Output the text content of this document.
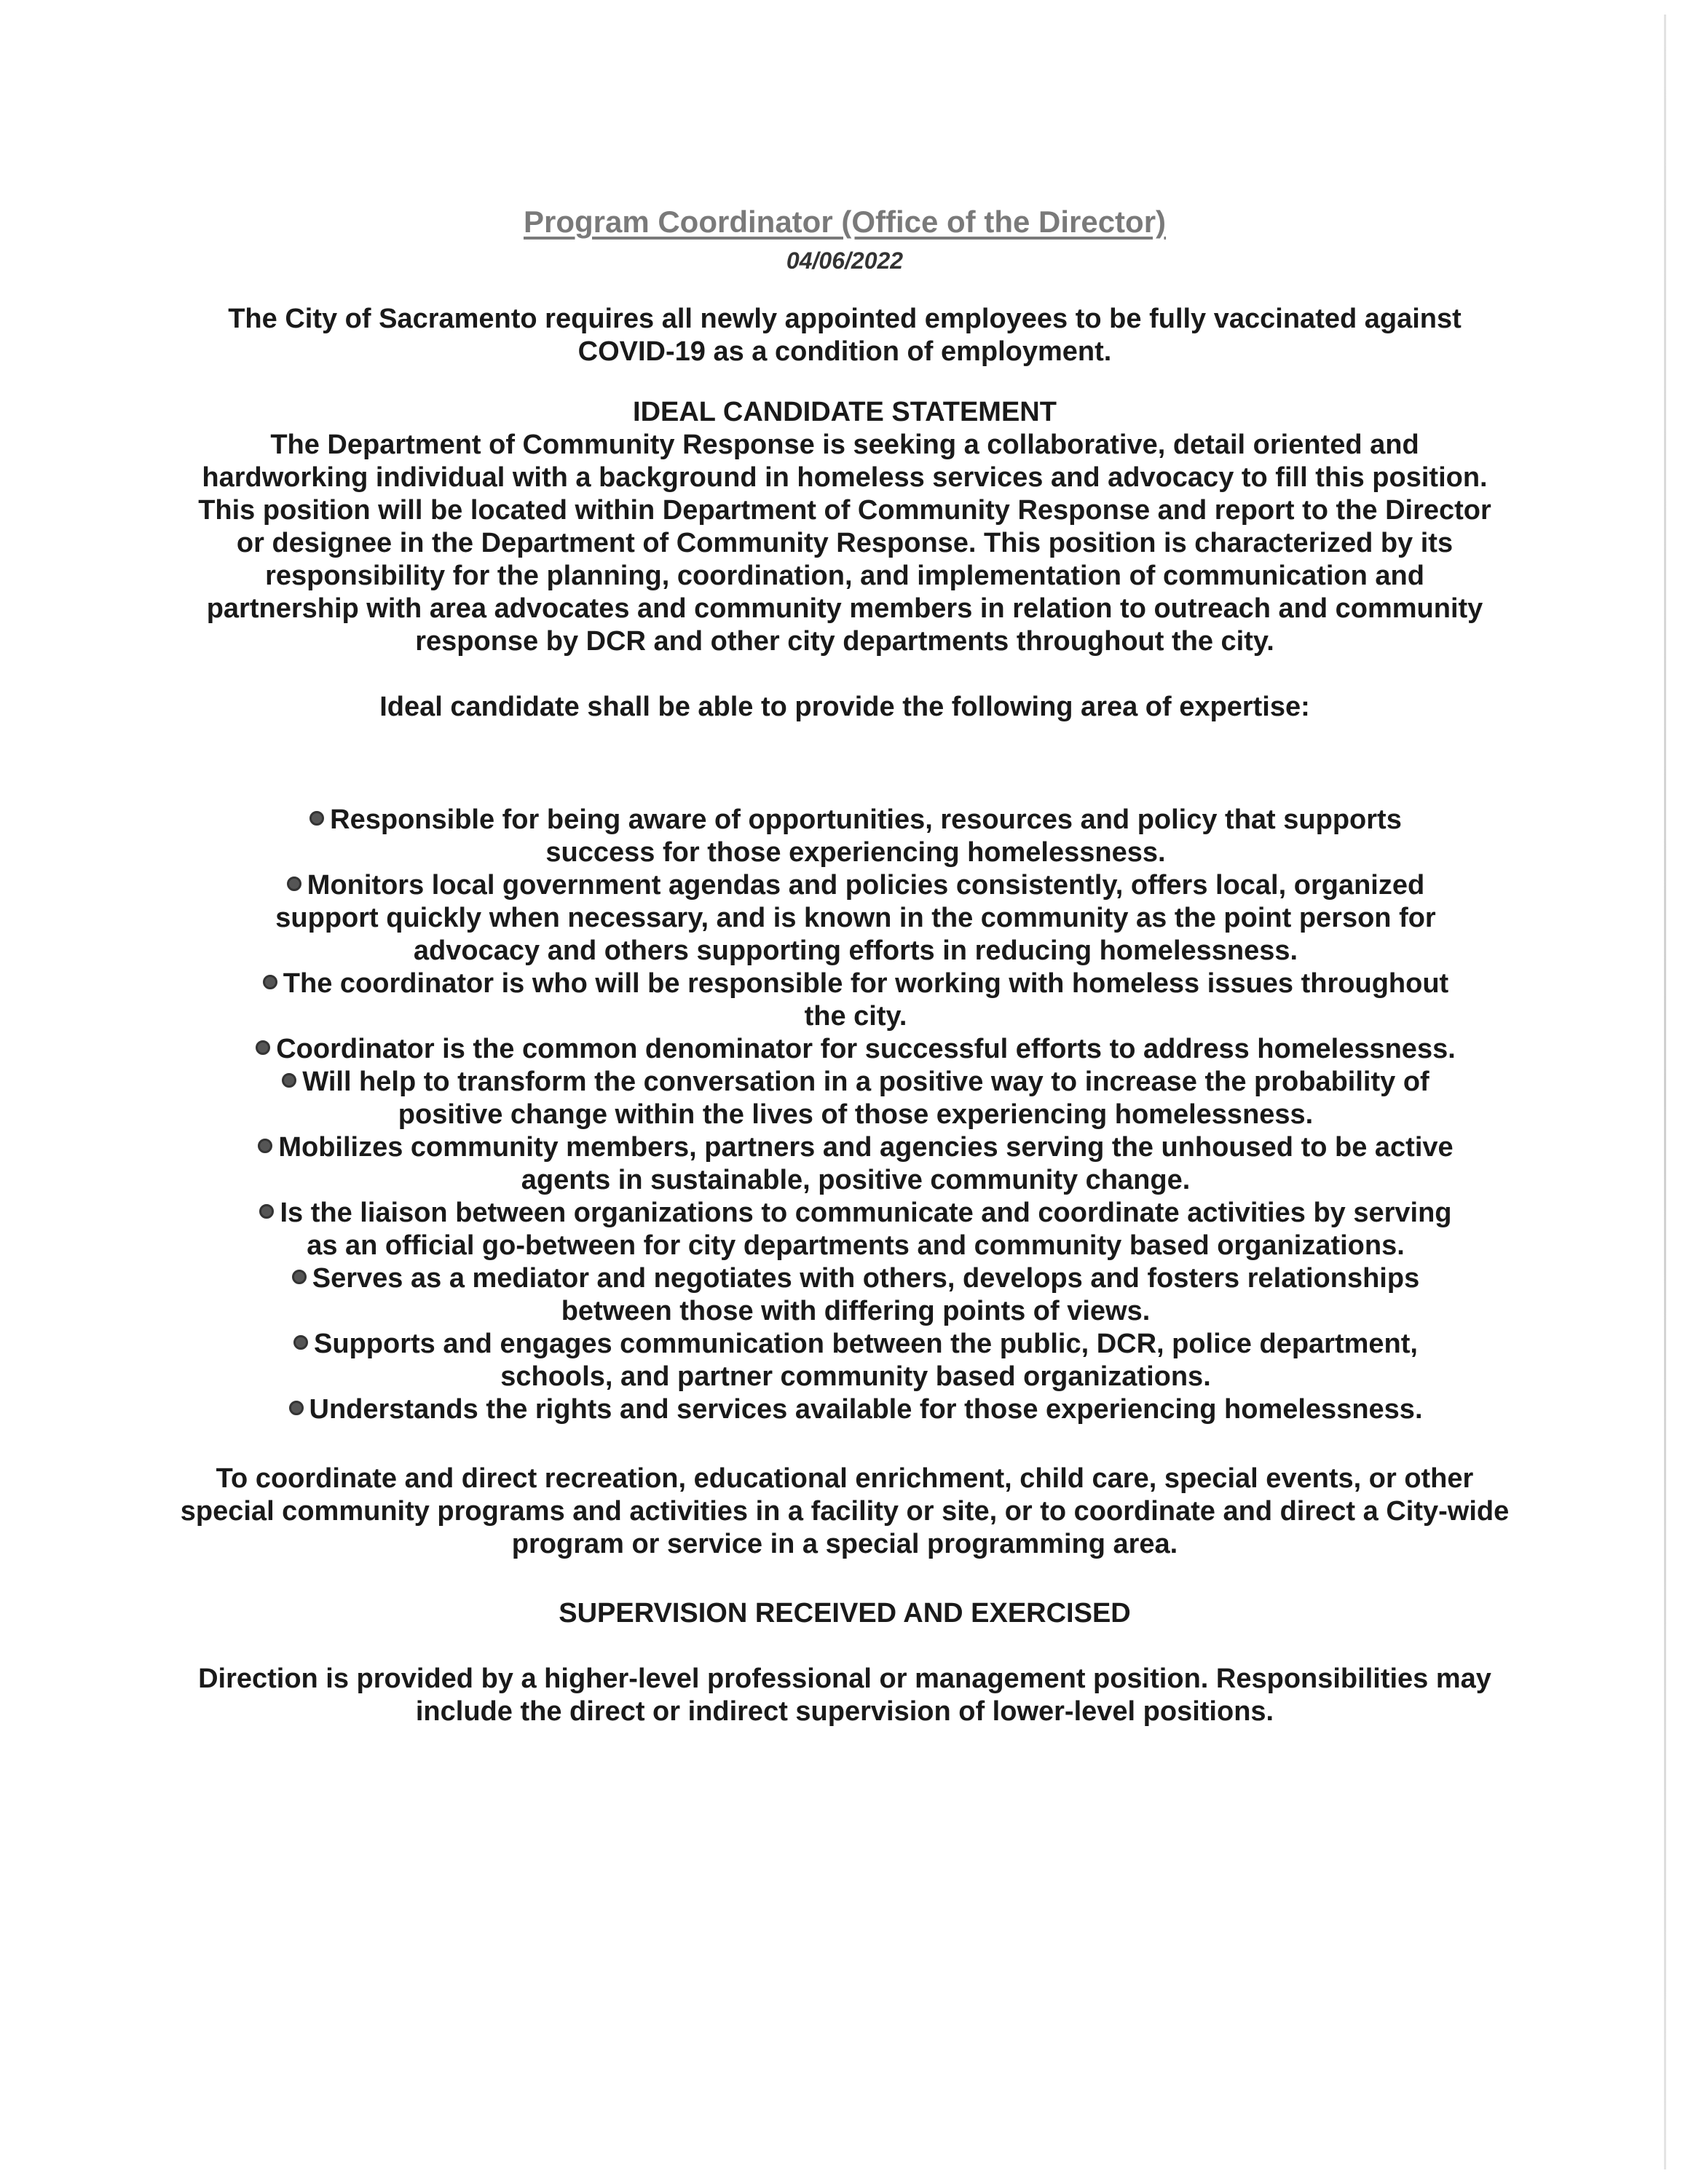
Program Coordinator (Office of the Director)

04/06/2022

The City of Sacramento requires all newly appointed employees to be fully vaccinated against COVID-19 as a condition of employment.

IDEAL CANDIDATE STATEMENT

The Department of Community Response is seeking a collaborative, detail oriented and hardworking individual with a background in homeless services and advocacy to fill this position. This position will be located within Department of Community Response and report to the Director or designee in the Department of Community Response. This position is characterized by its responsibility for the planning, coordination, and implementation of communication and partnership with area advocates and community members in relation to outreach and community response by DCR and other city departments throughout the city.

Ideal candidate shall be able to provide the following area of expertise:

Responsible for being aware of opportunities, resources and policy that supports success for those experiencing homelessness.
Monitors local government agendas and policies consistently, offers local, organized support quickly when necessary, and is known in the community as the point person for advocacy and others supporting efforts in reducing homelessness.
The coordinator is who will be responsible for working with homeless issues throughout the city.
Coordinator is the common denominator for successful efforts to address homelessness.
Will help to transform the conversation in a positive way to increase the probability of positive change within the lives of those experiencing homelessness.
Mobilizes community members, partners and agencies serving the unhoused to be active agents in sustainable, positive community change.
Is the liaison between organizations to communicate and coordinate activities by serving as an official go-between for city departments and community based organizations.
Serves as a mediator and negotiates with others, develops and fosters relationships between those with differing points of views.
Supports and engages communication between the public, DCR, police department, schools, and partner community based organizations.
Understands the rights and services available for those experiencing homelessness.

To coordinate and direct recreation, educational enrichment, child care, special events, or other special community programs and activities in a facility or site, or to coordinate and direct a City-wide program or service in a special programming area.

SUPERVISION RECEIVED AND EXERCISED

Direction is provided by a higher-level professional or management position. Responsibilities may include the direct or indirect supervision of lower-level positions.
